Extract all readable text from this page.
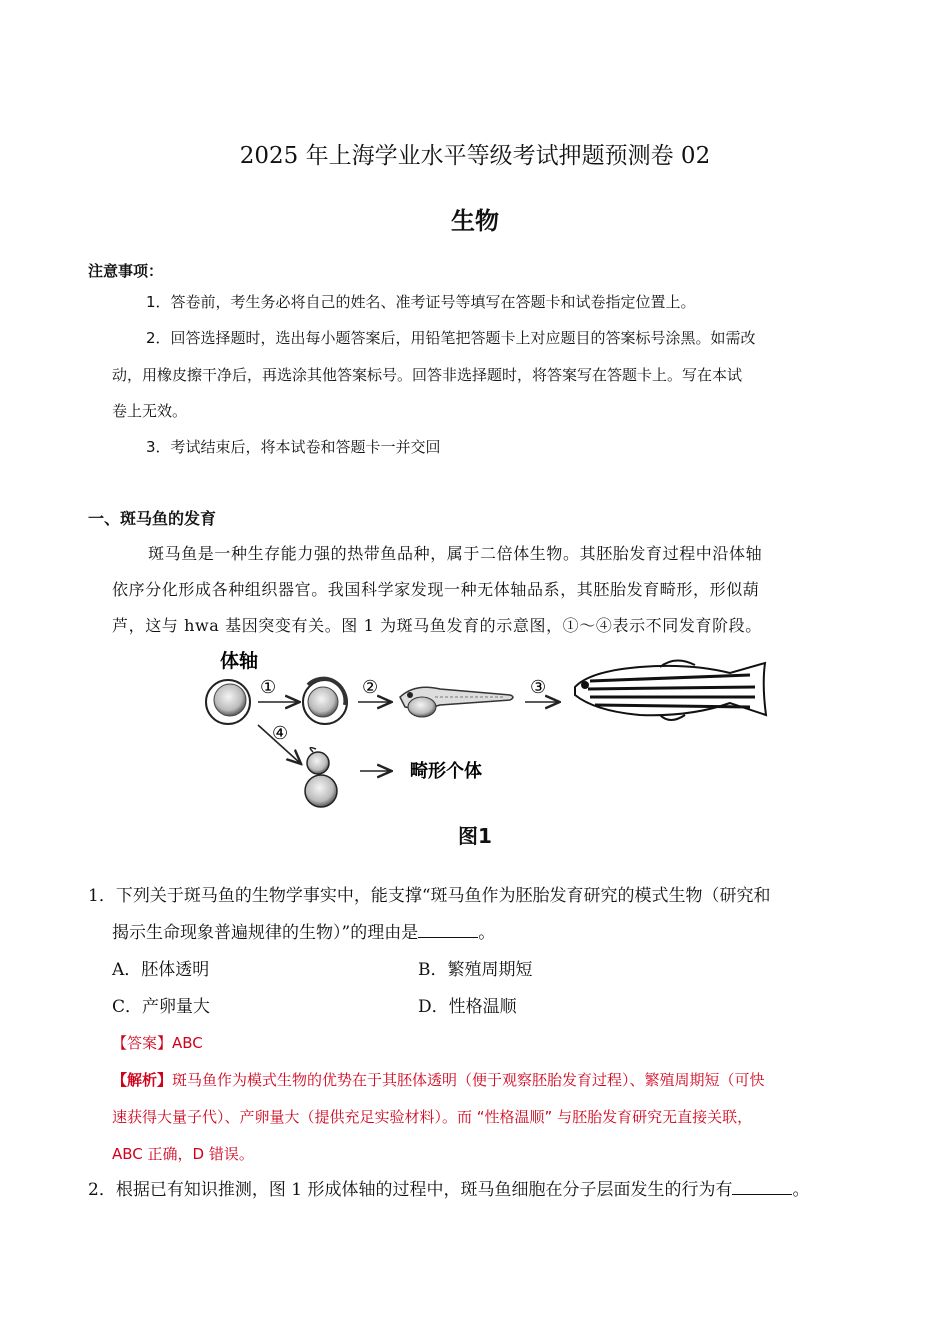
2025 年上海学业水平等级考试押题预测卷 02
生物
注意事项：
1．答卷前，考生务必将自己的姓名、准考证号等填写在答题卡和试卷指定位置上。
2．回答选择题时，选出每小题答案后，用铅笔把答题卡上对应题目的答案标号涂黑。如需改
动，用橡皮擦干净后，再选涂其他答案标号。回答非选择题时，将答案写在答题卡上。写在本试
卷上无效。
3．考试结束后，将本试卷和答题卡一并交回
一、斑马鱼的发育
斑马鱼是一种生存能力强的热带鱼品种，属于二倍体生物。其胚胎发育过程中沿体轴
依序分化形成各种组织器官。我国科学家发现一种无体轴品系，其胚胎发育畸形，形似葫
芦，这与 hwa 基因突变有关。图 1 为斑马鱼发育的示意图，①～④表示不同发育阶段。
体轴
①	②	③
④
畸形个体
图1
1．下列关于斑马鱼的生物学事实中，能支撑“斑马鱼作为胚胎发育研究的模式生物（研究和
揭示生命现象普遍规律的生物）”的理由是	。
A．胚体透明	B．繁殖周期短
C．产卵量大	D．性格温顺
【答案】ABC
【解析】斑马鱼作为模式生物的优势在于其胚体透明（便于观察胚胎发育过程）、繁殖周期短（可快
速获得大量子代）、产卵量大（提供充足实验材料）。而 “性格温顺” 与胚胎发育研究无直接关联，
ABC 正确，D 错误。
2．根据已有知识推测，图 1 形成体轴的过程中，斑马鱼细胞在分子层面发生的行为有	。
